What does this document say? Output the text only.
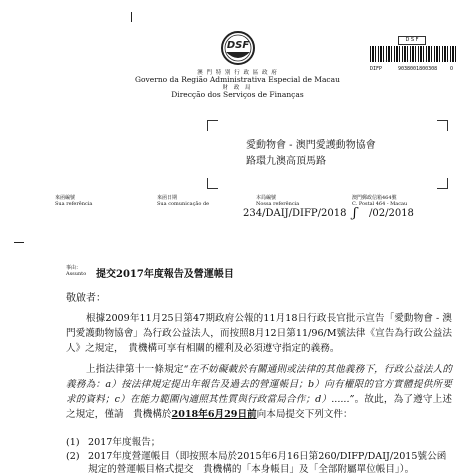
DSF
澳 門 特 別 行 政 區 政 府
Governo da Região Administrativa Especial de Macau
財 政 局
Direcção dos Serviços de Finanças
D S F
DIFP	9038001800308	O
愛動物會 - 澳門愛護動物協會
路環九澳高頂馬路
來函編號
Sua referência
來函日期
Sua comunicação de
本局編號
Nossa referência
234/DAIJ/DIFP/2018
澳門郵政信箱464號
C. Postal 464 - Macau
ʃ /02/2018
事由：
Assunto 提交2017年度報告及營運帳目
敬啟者：

根據2009年11月25日第47期政府公報的11月18日行政長官批示宣告「愛動物會 - 澳門愛護動物協會」為行政公益法人，而按照8月12日第11/96/M號法律《宣告為行政公益法人》之規定，　貴機構可享有相關的權利及必須遵守指定的義務。

上指法律第十一條規定“在不妨礙載於有關通則或法律的其他義務下，行政公益法人的義務為：a）按法律規定提出年報告及過去的營運帳目；b）向有權限的官方實體提供所要求的資料；c）在能力範圍內適照其性質與行政當局合作；d）......”。故此，為了遵守上述之規定，僅請　貴機構於2018年6月29日前向本局提交下列文件：

(1) 2017年度報告；
(2) 2017年度營運帳目（即按照本局於2015年6月16日第260/DIFP/DAIJ/2015號公函規定的營運帳目格式提交　貴機構的「本身帳目」及「全部附屬單位帳目」）。
